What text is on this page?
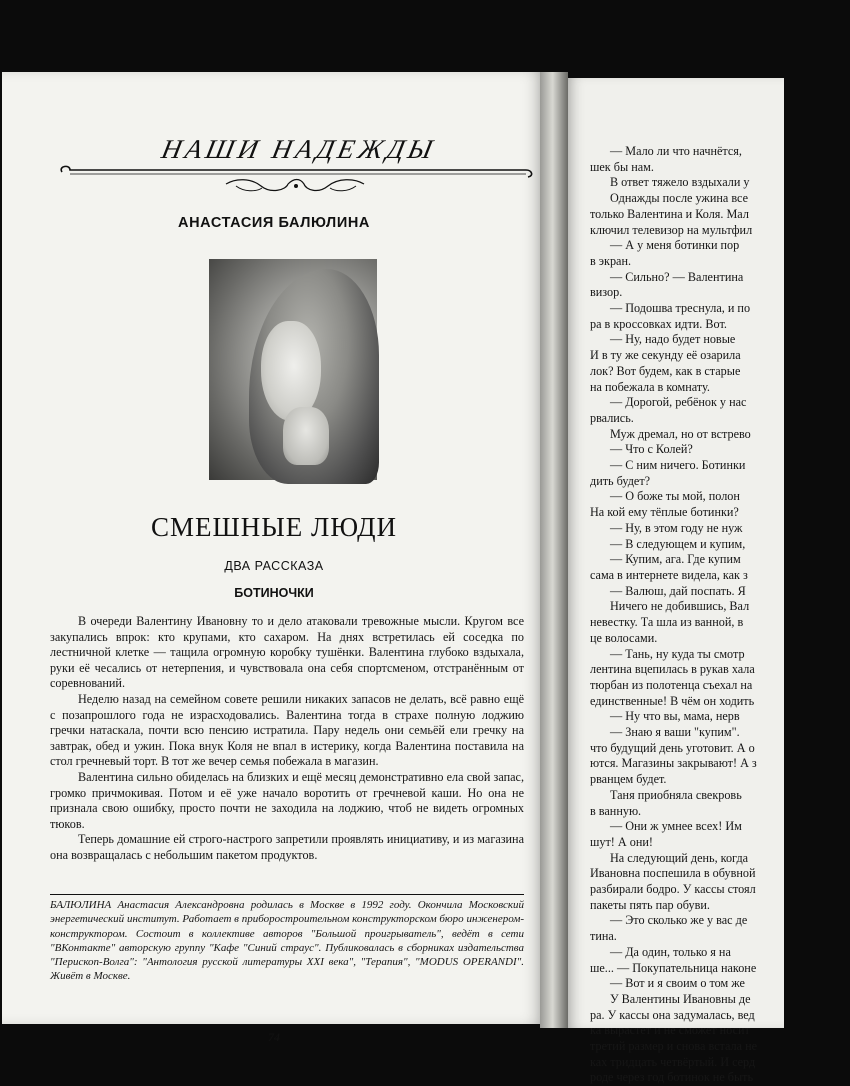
НАШИ НАДЕЖДЫ
АНАСТАСИЯ БАЛЮЛИНА
СМЕШНЫЕ ЛЮДИ
ДВА РАССКАЗА
БОТИНОЧКИ

В очереди Валентину Ивановну то и дело атаковали тревожные мысли. Кругом все закупались впрок: кто крупами, кто сахаром. На днях встретилась ей соседка по лестничной клетке — тащила огромную коробку тушёнки. Валентина глубоко вздыхала, руки её чесались от нетерпения, и чувствовала она себя спортсменом, отстранённым от соревнований.

Неделю назад на семейном совете решили никаких запасов не делать, всё равно ещё с позапрошлого года не израсходовались. Валентина тогда в страхе полную лоджию гречки натаскала, почти всю пенсию истратила. Пару недель они семьёй ели гречку на завтрак, обед и ужин. Пока внук Коля не впал в истерику, когда Валентина поставила на стол гречневый торт. В тот же вечер семья побежала в магазин.

Валентина сильно обиделась на близких и ещё месяц демонстративно ела свой запас, громко причмокивая. Потом и её уже начало воротить от гречневой каши. Но она не признала свою ошибку, просто почти не заходила на лоджию, чтоб не видеть огромных тюков.

Теперь домашние ей строго-настрого запретили проявлять инициативу, и из магазина она возвращалась с небольшим пакетом продуктов.

БАЛЮЛИНА Анастасия Александровна родилась в Москве в 1992 году. Окончила Московский энергетический институт. Работает в приборостроительном конструкторском бюро инженером-конструктором. Состоит в коллективе авторов "Большой проигрыватель", ведёт в сети "ВКонтакте" авторскую группу "Кафе "Синий страус". Публиковалась в сборниках издательства "Перископ-Волга": "Антология русской литературы XXI века", "Терапия", "MODUS OPERANDI". Живёт в Москве.

74

— Мало ли что начнётся,

шек бы нам.

В ответ тяжело вздыхали у

Однажды после ужина все

только Валентина и Коля. Мал

ключил телевизор на мультфил

— А у меня ботинки пор

в экран.

— Сильно? — Валентина

визор.

— Подошва треснула, и по

ра в кроссовках идти. Вот.

— Ну, надо будет новые

И в ту же секунду её озарила

лок? Вот будем, как в старые

на побежала в комнату.

— Дорогой, ребёнок у нас

рвались.

Муж дремал, но от встрево

— Что с Колей?

— С ним ничего. Ботинки

дить будет?

— О боже ты мой, полон

На кой ему тёплые ботинки?

— Ну, в этом году не нуж

— В следующем и купим,

— Купим, ага. Где купим

сама в интернете видела, как з

— Валюш, дай поспать. Я

Ничего не добившись, Вал

невестку. Та шла из ванной, в

це волосами.

— Тань, ну куда ты смотр

лентина вцепилась в рукав хала

тюрбан из полотенца съехал на

единственные! В чём он ходить

— Ну что вы, мама, нерв

— Знаю я ваши "купим".

что будущий день уготовит. А о

ются. Магазины закрывают! А з

рванцем будет.

Таня приобняла свекровь

в ванную.

— Они ж умнее всех! Им

шут! А они!

На следующий день, когда

Ивановна поспешила в обувной

разбирали бодро. У кассы стоял

пакеты пять пар обуви.

— Это сколько же у вас де

тина.

— Да один, только я на

ше... — Покупательница наконе

— Вот и я своим о том же

У Валентины Ивановны де

ра. У кассы она задумалась, вед

ка вырастет и не сможет носит

третий размер и снова встала не

ках тридцать четвёртый. И серд

роде через год ботинок не быть
